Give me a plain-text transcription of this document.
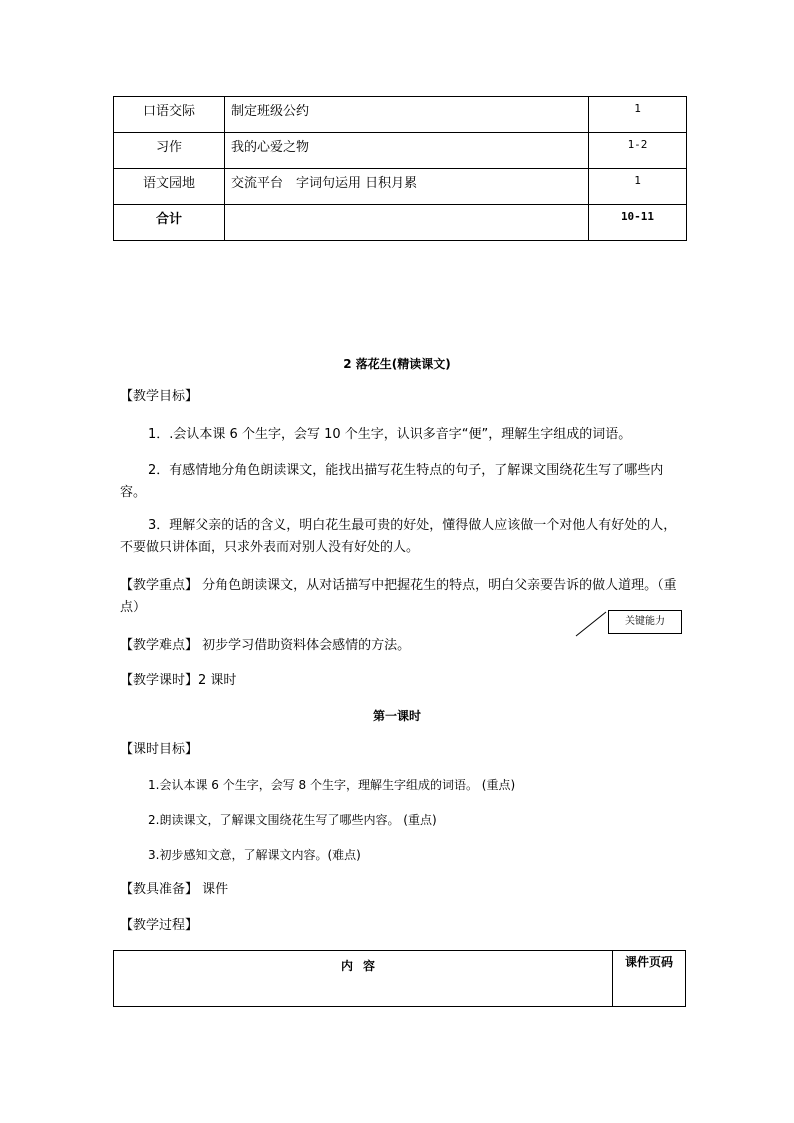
口语交际	制定班级公约	1

习作	我的心爱之物	1-2

语文园地	交流平台　字词句运用 日积月累	1

合计		10-11
2 落花生(精读课文)
【教学目标】
1．.会认本课 6 个生字，会写 10 个生字，认识多音字“便”，理解生字组成的词语。
2．有感情地分角色朗读课文，能找出描写花生特点的句子，了解课文围绕花生写了哪些内容。
3．理解父亲的话的含义，明白花生最可贵的好处，懂得做人应该做一个对他人有好处的人，不要做只讲体面，只求外表而对别人没有好处的人。
【教学重点】 分角色朗读课文，从对话描写中把握花生的特点，明白父亲要告诉的做人道理。（重点）
关键能力
【教学难点】 初步学习借助资料体会感情的方法。
【教学课时】2 课时
第一课时
【课时目标】
1.会认本课 6 个生字，会写 8 个生字，理解生字组成的词语。 (重点)
2.朗读课文，了解课文围绕花生写了哪些内容。 (重点)
3.初步感知文意，了解课文内容。(难点)
【教具准备】 课件
【教学过程】
内容	课件页码
